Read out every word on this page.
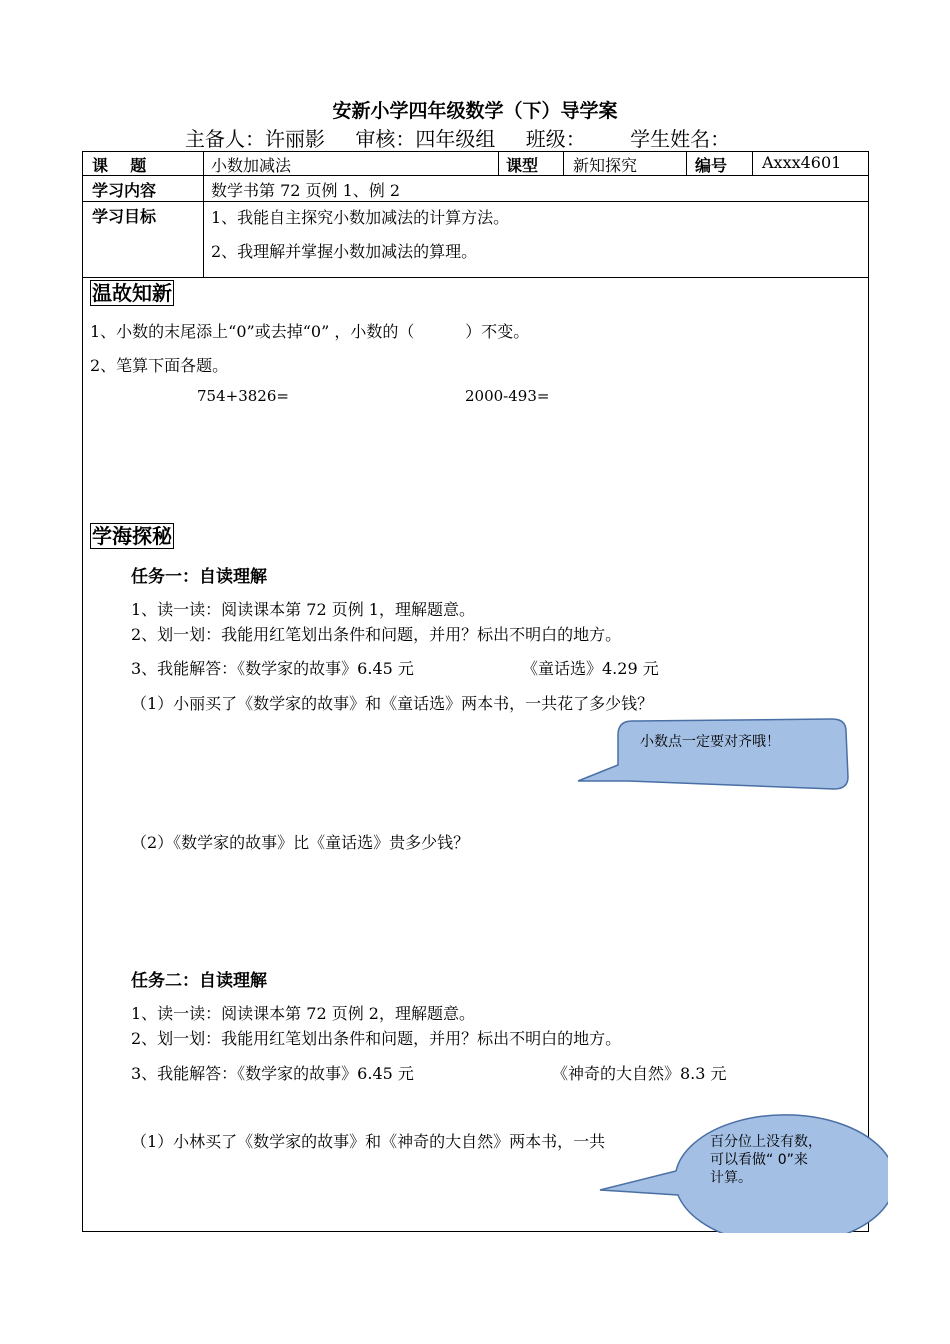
安新小学四年级数学（下）导学案
主备人：许丽影 审核：四年级组 班级： 学生姓名：
课    题	小数加减法	课型 新知探究	编号 Axxx4601
学习内容	数学书第 72 页例 1、例 2
学习目标	1、我能自主探究小数加减法的计算方法。
2、我理解并掌握小数加减法的算理。
温故知新
1、小数的末尾添上“0”或去掉“0” ，小数的（          ）不变。
2、笔算下面各题。
754+3826=	2000-493=
学海探秘
任务一：自读理解
1、读一读：阅读课本第 72 页例 1，理解题意。
2、划一划：我能用红笔划出条件和问题，并用？标出不明白的地方。
3、我能解答：《数学家的故事》6.45 元	《童话选》4.29 元
（1）小丽买了《数学家的故事》和《童话选》两本书，一共花了多少钱？
小数点一定要对齐哦！
（2）《数学家的故事》比《童话选》贵多少钱？
任务二：自读理解
1、读一读：阅读课本第 72 页例 2，理解题意。
2、划一划：我能用红笔划出条件和问题，并用？标出不明白的地方。
3、我能解答：《数学家的故事》6.45 元	《神奇的大自然》8.3 元
（1）小林买了《数学家的故事》和《神奇的大自然》两本书，一共	百分位上没有数，
可以看做“ 0”来
计算。
